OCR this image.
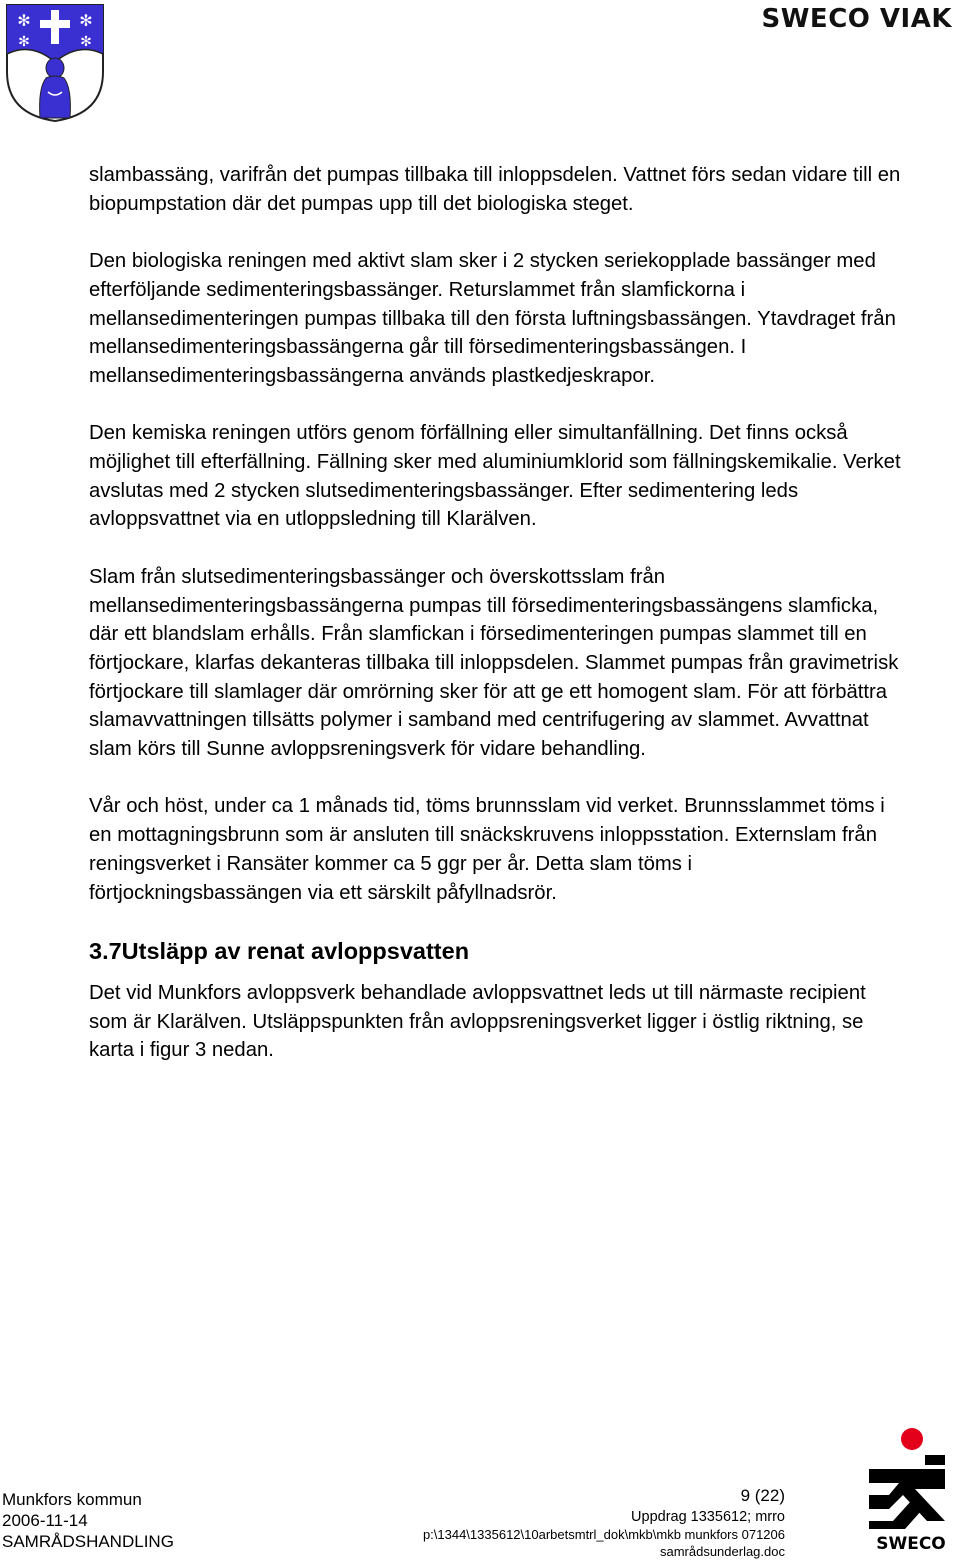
✻	✻
✻	✻
SWECO VIAK

slambassäng, varifrån det pumpas tillbaka till inloppsdelen. Vattnet förs sedan vidare till en biopumpstation där det pumpas upp till det biologiska steget.

Den biologiska reningen med aktivt slam sker i 2 stycken seriekopplade bassänger med efterföljande sedimenteringsbassänger. Returslammet från slamfickorna i mellansedimenteringen pumpas tillbaka till den första luftningsbassängen. Ytavdraget från mellansedimenteringsbassängerna går till försedimenteringsbassängen. I mellansedimenteringsbassängerna används plastkedjeskrapor.

Den kemiska reningen utförs genom förfällning eller simultanfällning. Det finns också möjlighet till efterfällning. Fällning sker med aluminiumklorid som fällningskemikalie. Verket avslutas med 2 stycken slutsedimenteringsbassänger. Efter sedimentering leds avloppsvattnet via en utloppsledning till Klarälven.

Slam från slutsedimenteringsbassänger och överskottsslam från mellansedimenteringsbassängerna pumpas till försedimenteringsbassängens slamficka, där ett blandslam erhålls. Från slamfickan i försedimenteringen pumpas slammet till en förtjockare, klarfas dekanteras tillbaka till inloppsdelen. Slammet pumpas från gravimetrisk förtjockare till slamlager där omrörning sker för att ge ett homogent slam. För att förbättra slamavvattningen tillsätts polymer i samband med centrifugering av slammet. Avvattnat slam körs till Sunne avloppsreningsverk för vidare behandling.

Vår och höst, under ca 1 månads tid, töms brunnsslam vid verket. Brunnsslammet töms i en mottagningsbrunn som är ansluten till snäckskruvens inloppsstation. Externslam från reningsverket i Ransäter kommer ca 5 ggr per år. Detta slam töms i förtjockningsbassängen via ett särskilt påfyllnadsrör.

3.7Utsläpp av renat avloppsvatten

Det vid Munkfors avloppsverk behandlade avloppsvattnet leds ut till närmaste recipient som är Klarälven. Utsläppspunkten från avloppsreningsverket ligger i östlig riktning, se karta i figur 3 nedan.

Munkfors kommun
2006-11-14
SAMRÅDSHANDLING
9 (22)
Uppdrag 1335612; mrro
p:\1344\1335612\10arbetsmtrl_dok\mkb\mkb munkfors 071206
samrådsunderlag.doc	SWECO
